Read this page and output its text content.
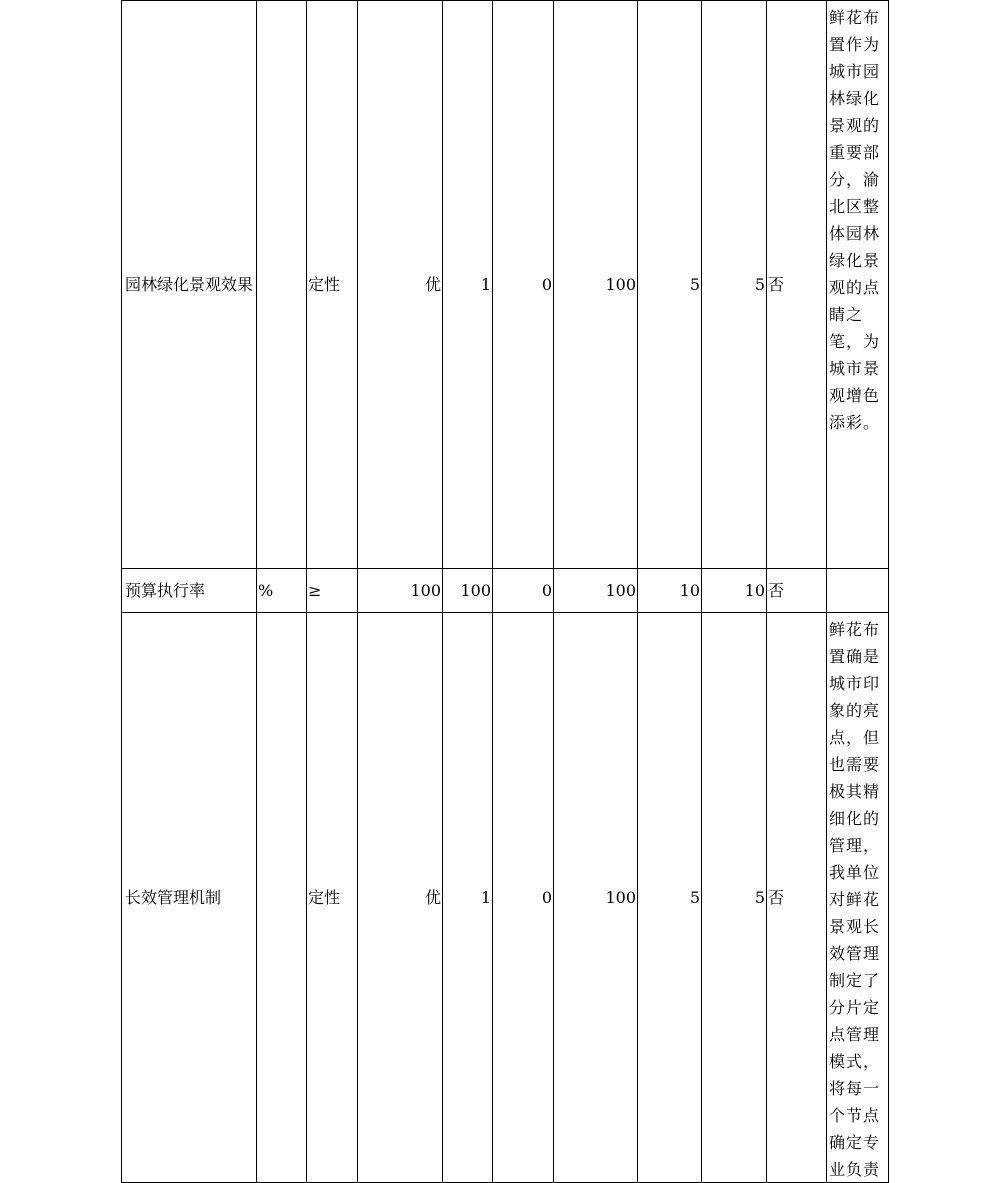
园林绿化景观效果		定性	优	1	0	100	5	5	否	鲜花布置作为城市园林绿化景观的重要部分，渝北区整体园林绿化景观的点睛之笔，为城市景观增色添彩。

预算执行率	%	≥	100	100	0	100	10	10	否	
长效管理机制		定性	优	1	0	100	5	5	否	鲜花布置确是城市印象的亮点，但也需要极其精细化的管理，我单位对鲜花景观长效管理制定了分片定点管理模式，将每一个节点确定专业负责
